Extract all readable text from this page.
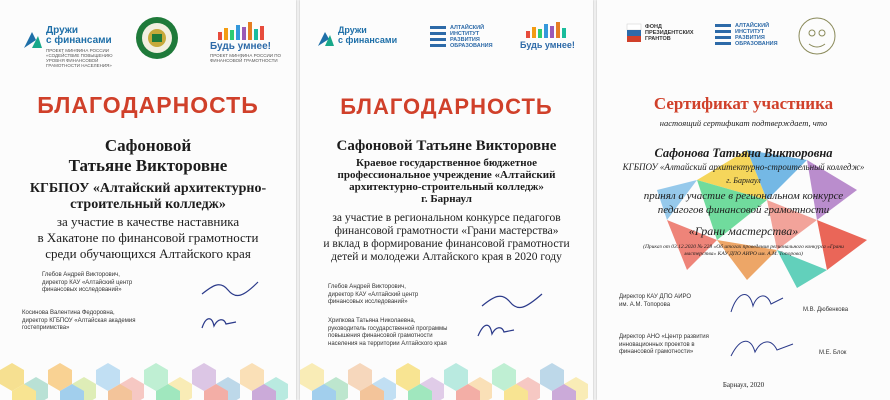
Дружи
с финансами
ПРОЕКТ МИНФИНА РОССИИ «СОДЕЙСТВИЕ ПОВЫШЕНИЮ УРОВНЯ ФИНАНСОВОЙ ГРАМОТНОСТИ НАСЕЛЕНИЯ»
Будь умнее!
ПРОЕКТ МИНФИНА РОССИИ ПО ФИНАНСОВОЙ ГРАМОТНОСТИ
БЛАГОДАРНОСТЬ
Сафоновой
Татьяне Викторовне
КГБПОУ «Алтайский архитектурно-
строительный колледж»
за участие в качестве наставника
в Хакатоне по финансовой грамотности
среди обучающихся Алтайского края
Глебов Андрей Викторович,
директор КАУ «Алтайский центр
финансовых исследований»
Косинова Валентина Федоровна,
директор КГБПОУ «Алтайская академия
гостеприимства»
Дружи
с финансами
АЛТАЙСКИЙ
ИНСТИТУТ
РАЗВИТИЯ
ОБРАЗОВАНИЯ	Будь умнее!
БЛАГОДАРНОСТЬ
Сафоновой Татьяне Викторовне
Краевое государственное бюджетное
профессиональное учреждение «Алтайский
архитектурно-строительный колледж»
г. Барнаул
за участие в региональном конкурсе педагогов
финансовой грамотности «Грани мастерства»
и вклад в формирование финансовой грамотности
детей и молодежи Алтайского края в 2020 году
Глебов Андрей Викторович,
директор КАУ «Алтайский центр
финансовых исследований»
Хрипкова Татьяна Николаевна,
руководитель государственной программы
повышения финансовой грамотности
населения на территории Алтайского края
ФОНД
ПРЕЗИДЕНТСКИХ
ГРАНТОВ
АЛТАЙСКИЙ
ИНСТИТУТ
РАЗВИТИЯ
ОБРАЗОВАНИЯ
Сертификат участника
настоящий сертификат подтверждает, что
Сафонова Татьяна Викторовна
КГБПОУ «Алтайский архитектурно-строительный колледж»
г. Барнаул
принял а участие в региональном конкурсе
педагогов финансовой грамотности
«Грани мастерства»
(Приказ от 03.12.2020 № 228 «Об итогах проведения регионального конкурса «Грани
мастерства» КАУ ДПО АИРО им. А.М. Топорова)
Директор КАУ ДПО АИРО
им. А.М. Топорова
М.В. Дюбенкова
Директор АНО «Центр развития
инновационных проектов в
финансовой грамотности»	М.Е. Блок
Барнаул, 2020
